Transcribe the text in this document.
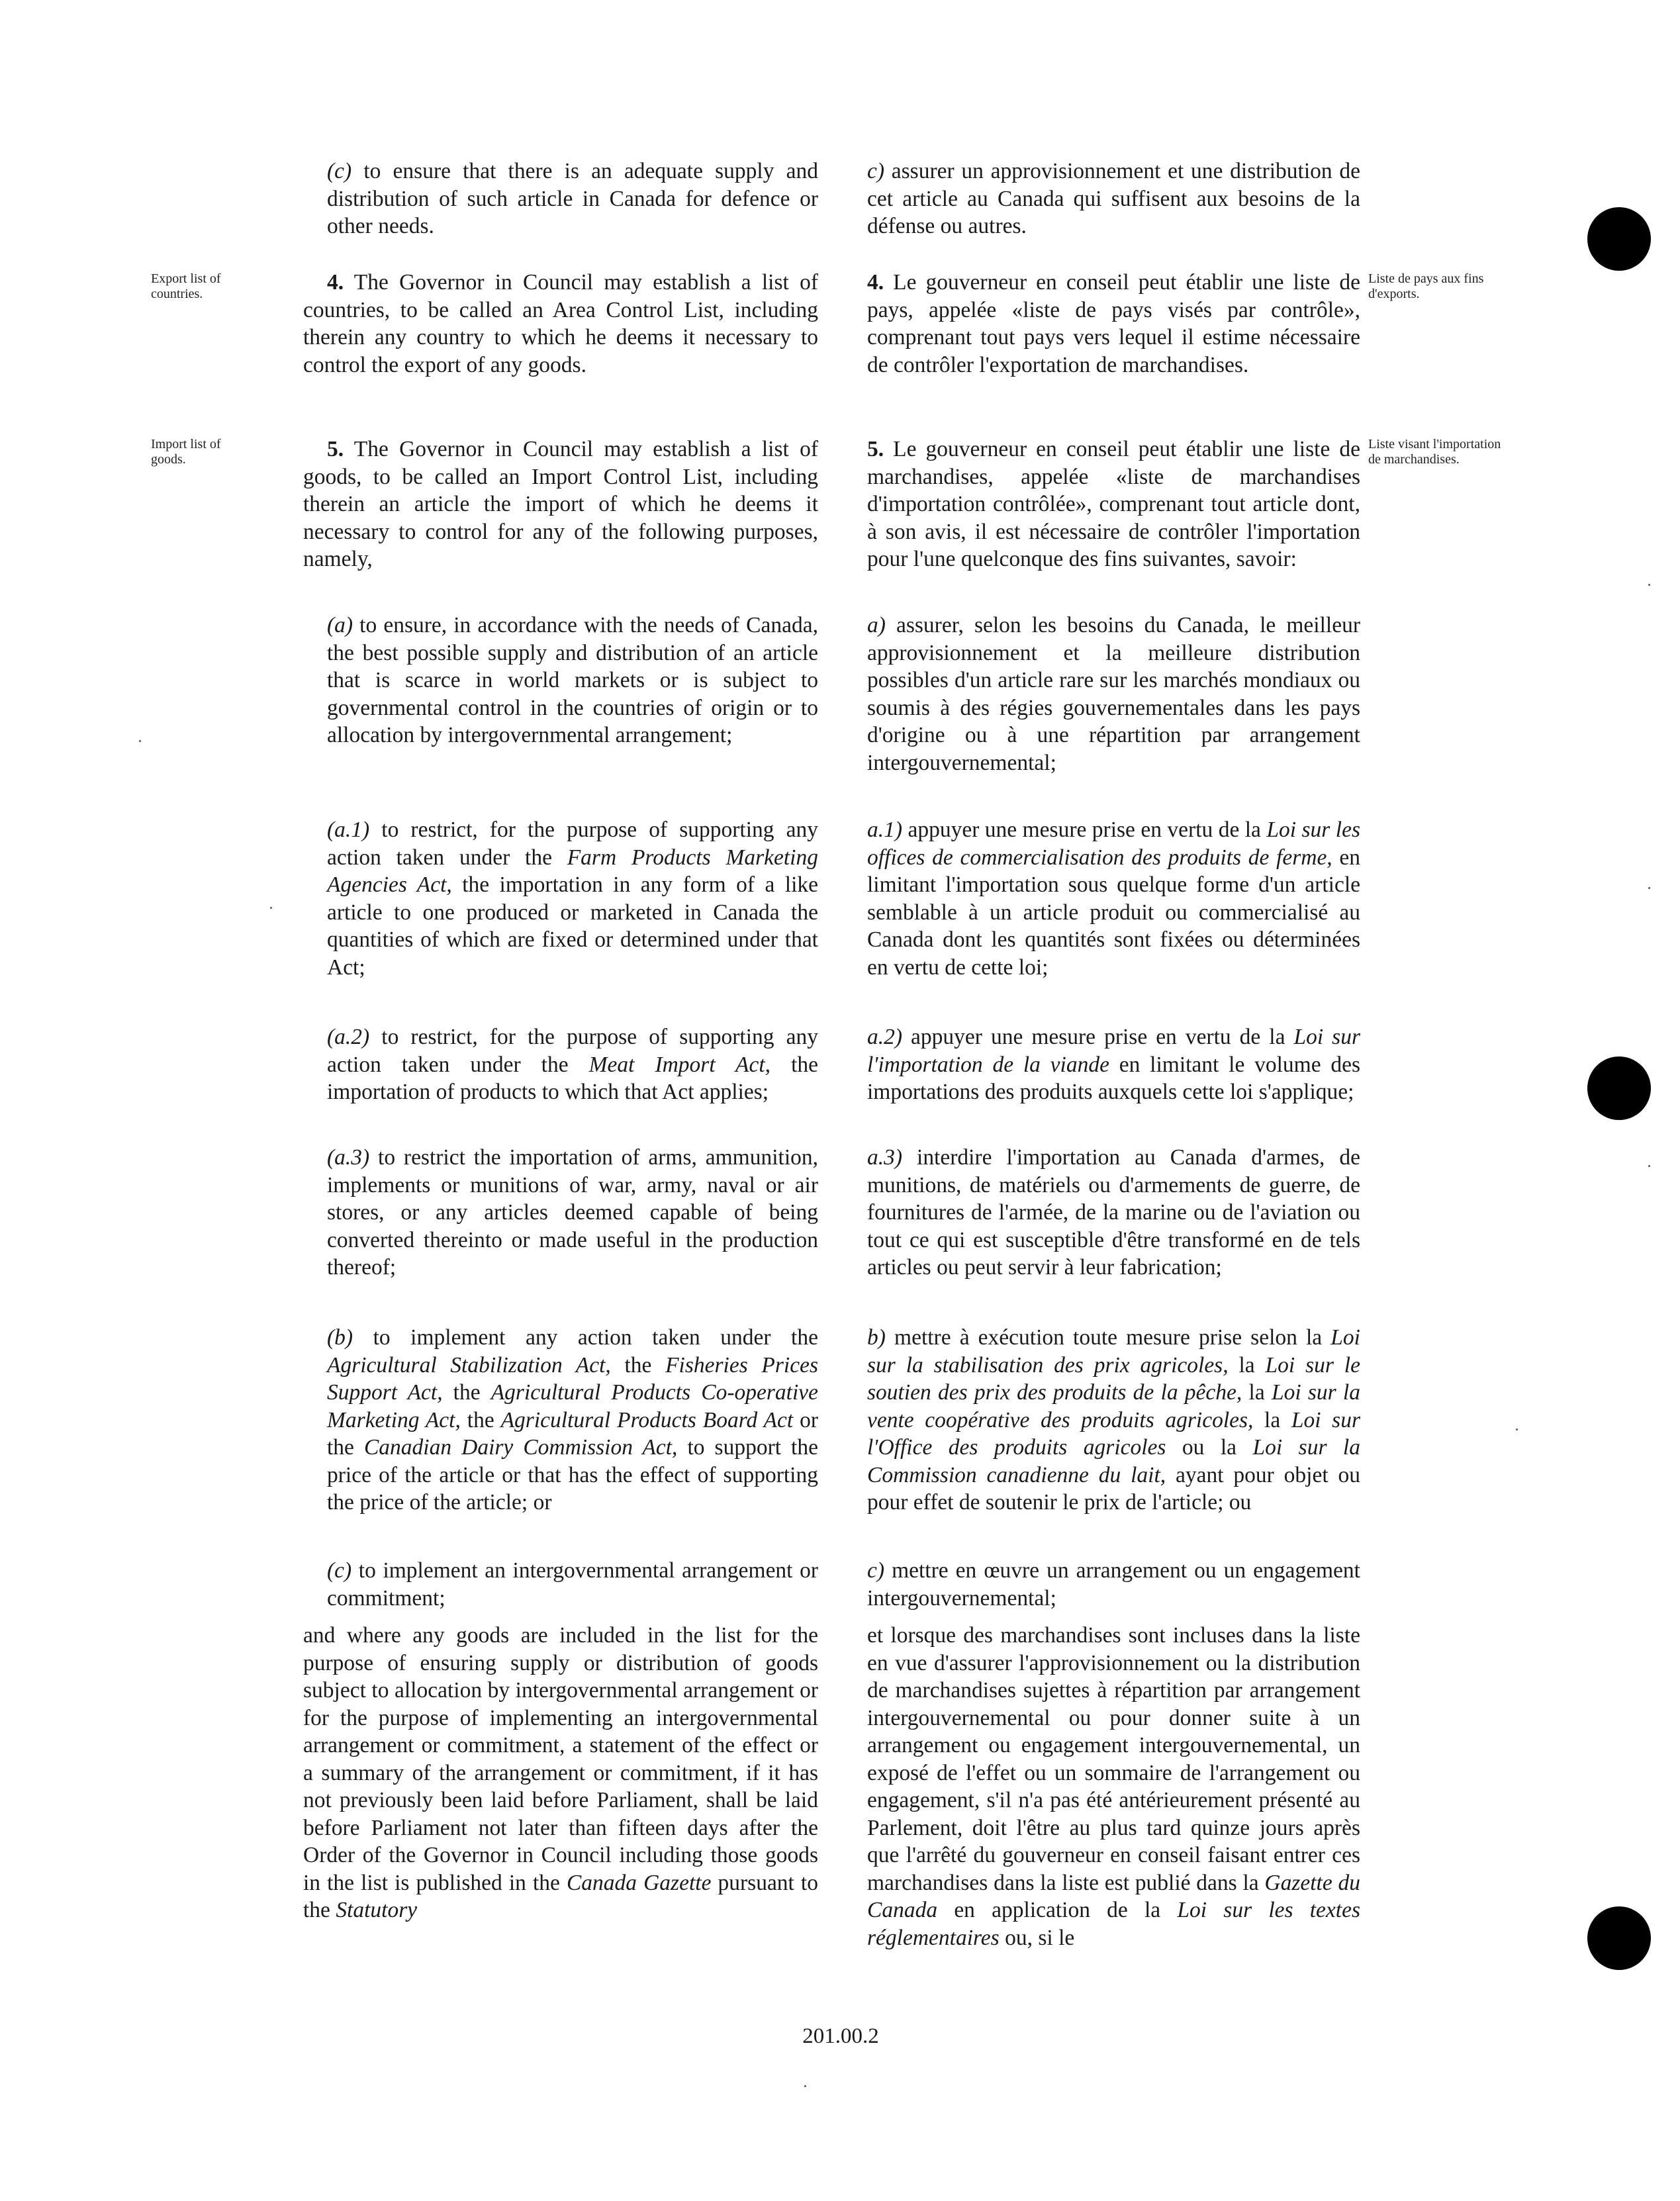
Export list of countries.
Import list of goods.
Liste de pays aux fins d'exports.
Liste visant l'importation de marchandises.
(c) to ensure that there is an adequate supply and distribution of such article in Canada for defence or other needs.
4. The Governor in Council may establish a list of countries, to be called an Area Control List, including therein any country to which he deems it necessary to control the export of any goods.
5. The Governor in Council may establish a list of goods, to be called an Import Control List, including therein an article the import of which he deems it necessary to control for any of the following purposes, namely,
(a) to ensure, in accordance with the needs of Canada, the best possible supply and distribution of an article that is scarce in world markets or is subject to governmental control in the countries of origin or to allocation by intergovernmental arrangement;
(a.1) to restrict, for the purpose of supporting any action taken under the Farm Products Marketing Agencies Act, the importation in any form of a like article to one produced or marketed in Canada the quantities of which are fixed or determined under that Act;
(a.2) to restrict, for the purpose of supporting any action taken under the Meat Import Act, the importation of products to which that Act applies;
(a.3) to restrict the importation of arms, ammunition, implements or munitions of war, army, naval or air stores, or any articles deemed capable of being converted thereinto or made useful in the production thereof;
(b) to implement any action taken under the Agricultural Stabilization Act, the Fisheries Prices Support Act, the Agricultural Products Co-operative Marketing Act, the Agricultural Products Board Act or the Canadian Dairy Commission Act, to support the price of the article or that has the effect of supporting the price of the article; or
(c) to implement an intergovernmental arrangement or commitment;
and where any goods are included in the list for the purpose of ensuring supply or distribution of goods subject to allocation by intergovernmental arrangement or for the purpose of implementing an intergovernmental arrangement or commitment, a statement of the effect or a summary of the arrangement or commitment, if it has not previously been laid before Parliament, shall be laid before Parliament not later than fifteen days after the Order of the Governor in Council including those goods in the list is published in the Canada Gazette pursuant to the Statutory
c) assurer un approvisionnement et une distribution de cet article au Canada qui suffisent aux besoins de la défense ou autres.
4. Le gouverneur en conseil peut établir une liste de pays, appelée «liste de pays visés par contrôle», comprenant tout pays vers lequel il estime nécessaire de contrôler l'exportation de marchandises.
5. Le gouverneur en conseil peut établir une liste de marchandises, appelée «liste de marchandises d'importation contrôlée», comprenant tout article dont, à son avis, il est nécessaire de contrôler l'importation pour l'une quelconque des fins suivantes, savoir:
a) assurer, selon les besoins du Canada, le meilleur approvisionnement et la meilleure distribution possibles d'un article rare sur les marchés mondiaux ou soumis à des régies gouvernementales dans les pays d'origine ou à une répartition par arrangement intergouvernemental;
a.1) appuyer une mesure prise en vertu de la Loi sur les offices de commercialisation des produits de ferme, en limitant l'importation sous quelque forme d'un article semblable à un article produit ou commercialisé au Canada dont les quantités sont fixées ou déterminées en vertu de cette loi;
a.2) appuyer une mesure prise en vertu de la Loi sur l'importation de la viande en limitant le volume des importations des produits auxquels cette loi s'applique;
a.3) interdire l'importation au Canada d'armes, de munitions, de matériels ou d'armements de guerre, de fournitures de l'armée, de la marine ou de l'aviation ou tout ce qui est susceptible d'être transformé en de tels articles ou peut servir à leur fabrication;
b) mettre à exécution toute mesure prise selon la Loi sur la stabilisation des prix agricoles, la Loi sur le soutien des prix des produits de la pêche, la Loi sur la vente coopérative des produits agricoles, la Loi sur l'Office des produits agricoles ou la Loi sur la Commission canadienne du lait, ayant pour objet ou pour effet de soutenir le prix de l'article; ou
c) mettre en œuvre un arrangement ou un engagement intergouvernemental;
et lorsque des marchandises sont incluses dans la liste en vue d'assurer l'approvisionnement ou la distribution de marchandises sujettes à répartition par arrangement intergouvernemental ou pour donner suite à un arrangement ou engagement intergouvernemental, un exposé de l'effet ou un sommaire de l'arrangement ou engagement, s'il n'a pas été antérieurement présenté au Parlement, doit l'être au plus tard quinze jours après que l'arrêté du gouverneur en conseil faisant entrer ces marchandises dans la liste est publié dans la Gazette du Canada en application de la Loi sur les textes réglementaires ou, si le
201.00.2
